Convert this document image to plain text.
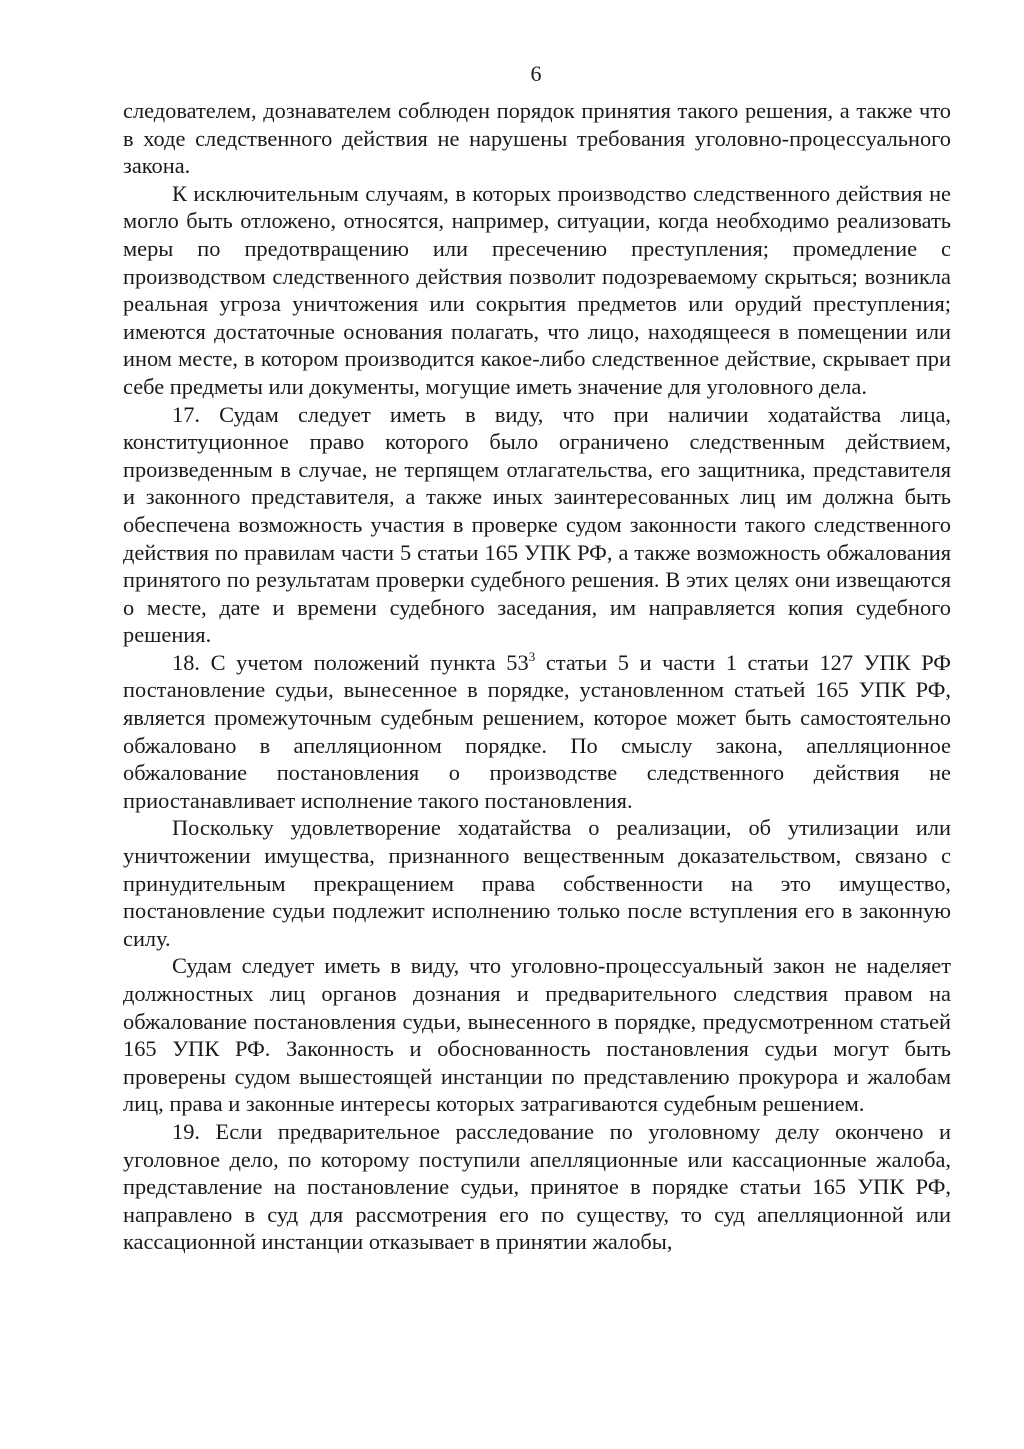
6

следователем, дознавателем соблюден порядок принятия такого решения, а также что в ходе следственного действия не нарушены требования уголовно-процессуального закона.

К исключительным случаям, в которых производство следственного действия не могло быть отложено, относятся, например, ситуации, когда необходимо реализовать меры по предотвращению или пресечению преступления; промедление с производством следственного действия позволит подозреваемому скрыться; возникла реальная угроза уничтожения или сокрытия предметов или орудий преступления; имеются достаточные основания полагать, что лицо, находящееся в помещении или ином месте, в котором производится какое-либо следственное действие, скрывает при себе предметы или документы, могущие иметь значение для уголовного дела.

17. Судам следует иметь в виду, что при наличии ходатайства лица, конституционное право которого было ограничено следственным действием, произведенным в случае, не терпящем отлагательства, его защитника, представителя и законного представителя, а также иных заинтересованных лиц им должна быть обеспечена возможность участия в проверке судом законности такого следственного действия по правилам части 5 статьи 165 УПК РФ, а также возможность обжалования принятого по результатам проверки судебного решения. В этих целях они извещаются о месте, дате и времени судебного заседания, им направляется копия судебного решения.

18. С учетом положений пункта $53^3$ статьи 5 и части 1 статьи 127 УПК РФ постановление судьи, вынесенное в порядке, установленном статьей 165 УПК РФ, является промежуточным судебным решением, которое может быть самостоятельно обжаловано в апелляционном порядке. По смыслу закона, апелляционное обжалование постановления о производстве следственного действия не приостанавливает исполнение такого постановления.

Поскольку удовлетворение ходатайства о реализации, об утилизации или уничтожении имущества, признанного вещественным доказательством, связано с принудительным прекращением права собственности на это имущество, постановление судьи подлежит исполнению только после вступления его в законную силу.

Судам следует иметь в виду, что уголовно-процессуальный закон не наделяет должностных лиц органов дознания и предварительного следствия правом на обжалование постановления судьи, вынесенного в порядке, предусмотренном статьей 165 УПК РФ. Законность и обоснованность постановления судьи могут быть проверены судом вышестоящей инстанции по представлению прокурора и жалобам лиц, права и законные интересы которых затрагиваются судебным решением.

19. Если предварительное расследование по уголовному делу окончено и уголовное дело, по которому поступили апелляционные или кассационные жалоба, представление на постановление судьи, принятое в порядке статьи 165 УПК РФ, направлено в суд для рассмотрения его по существу, то суд апелляционной или кассационной инстанции отказывает в принятии жалобы,
